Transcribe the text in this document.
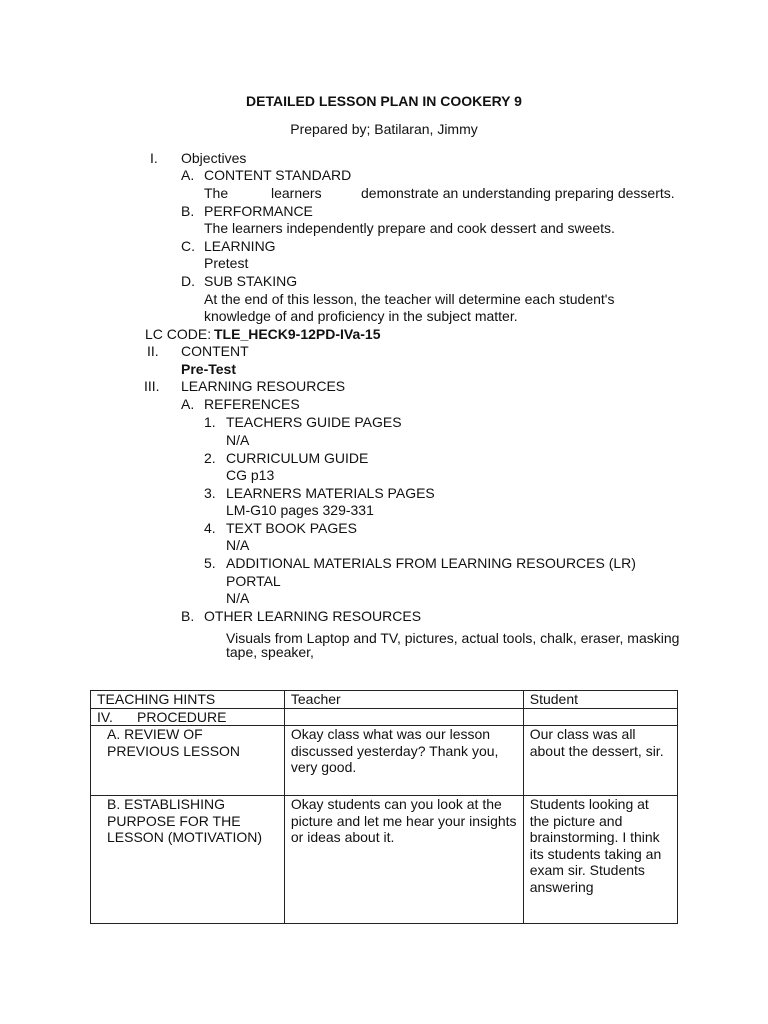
DETAILED LESSON PLAN IN COOKERY 9
Prepared by; Batilaran, Jimmy
I. Objectives
A. CONTENT STANDARD
The	learners	demonstrate an understanding preparing desserts.
B. PERFORMANCE
The learners independently prepare and cook dessert and sweets.
C. LEARNING
Pretest
D. SUB STAKING
At the end of this lesson, the teacher will determine each student's
knowledge of and proficiency in the subject matter.
LC CODE: TLE_HECK9-12PD-IVa-15
II. CONTENT
Pre-Test
III. LEARNING RESOURCES
A. REFERENCES
1. TEACHERS GUIDE PAGES
N/A
2. CURRICULUM GUIDE
CG p13
3. LEARNERS MATERIALS PAGES
LM-G10 pages 329-331
4. TEXT BOOK PAGES
N/A
5. ADDITIONAL MATERIALS FROM LEARNING RESOURCES (LR)
PORTAL
N/A
B. OTHER LEARNING RESOURCES
Visuals from Laptop and TV, pictures, actual tools, chalk, eraser, masking
tape, speaker,
TEACHING HINTS	Teacher	Student
IV. PROCEDURE		
A. REVIEW OF PREVIOUS LESSON	Okay class what was our lesson discussed yesterday? Thank you, very good.	Our class was all about the dessert, sir.
B. ESTABLISHING PURPOSE FOR THE LESSON (MOTIVATION)	Okay students can you look at the picture and let me hear your insights or ideas about it.	Students looking at the picture and brainstorming. I think its students taking an exam sir. Students answering
